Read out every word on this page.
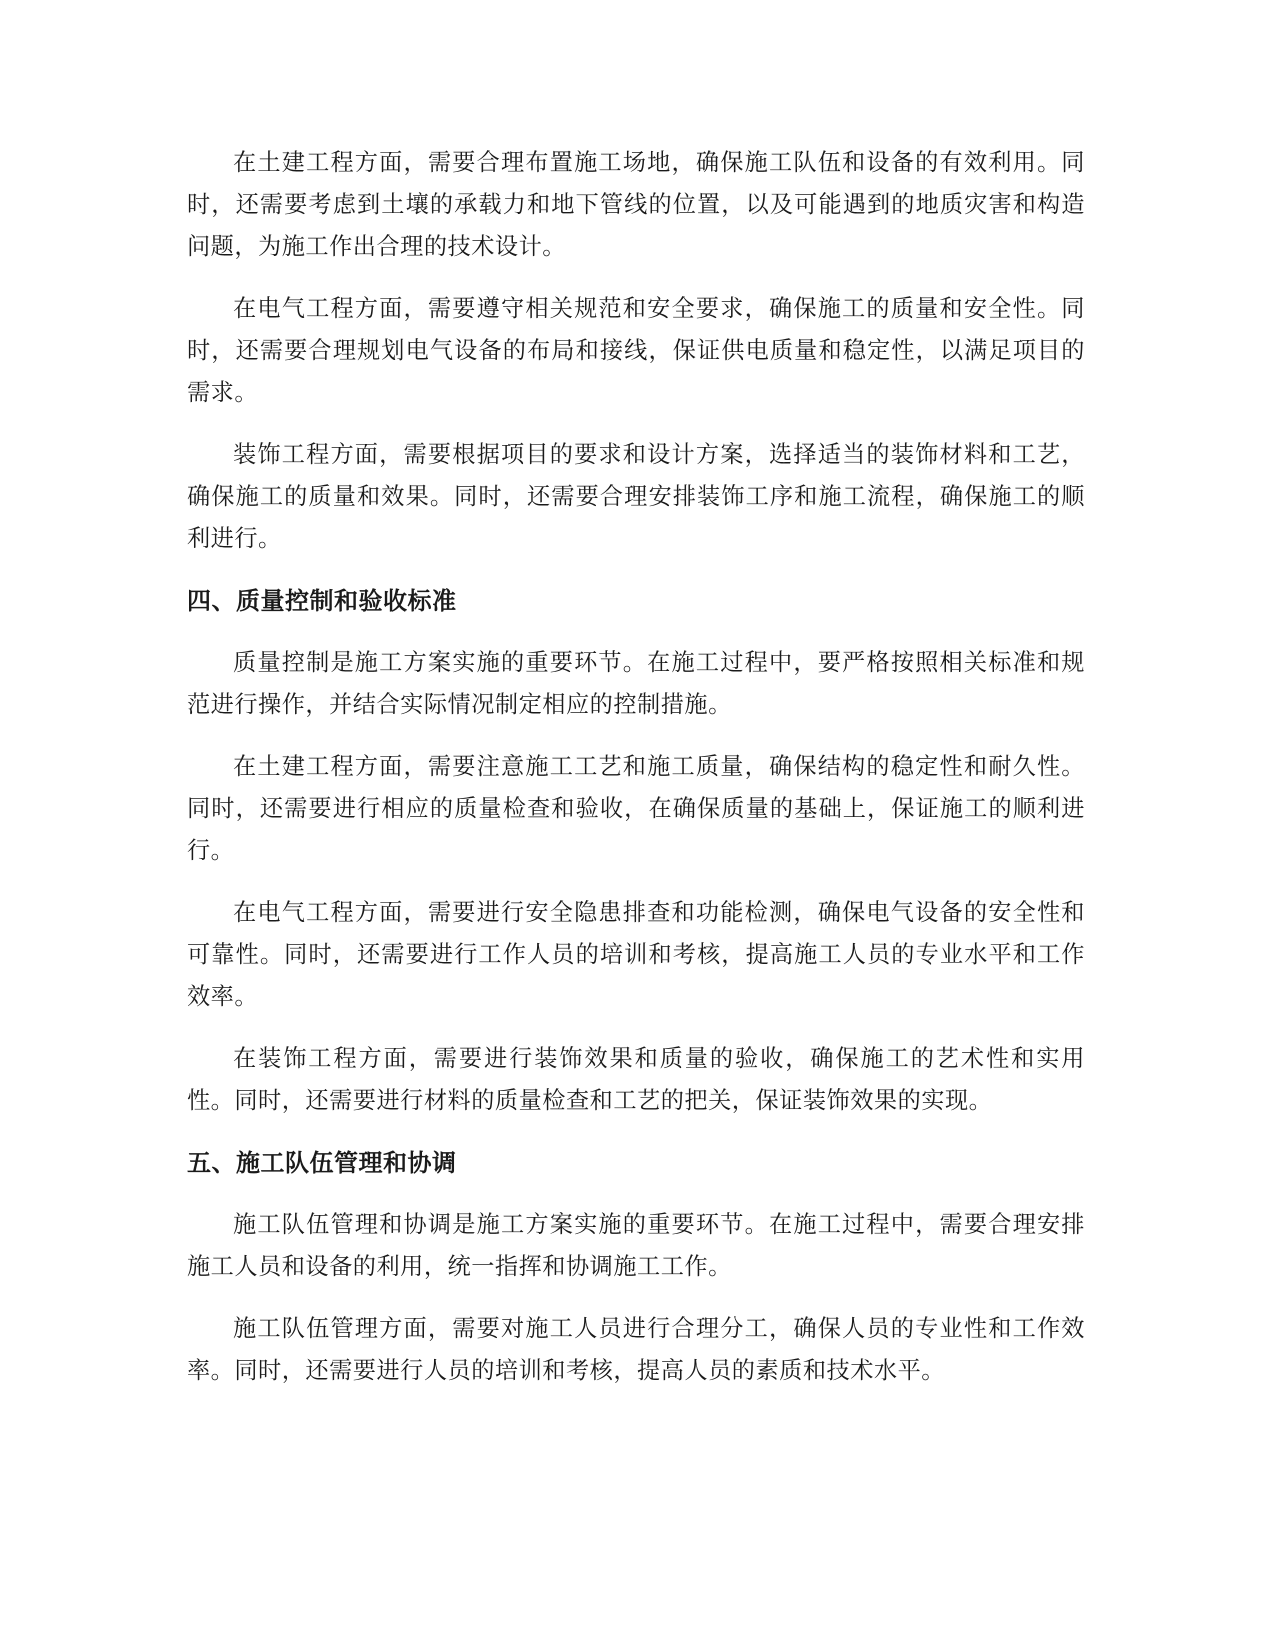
在土建工程方面，需要合理布置施工场地，确保施工队伍和设备的有效利用。同时，还需要考虑到土壤的承载力和地下管线的位置，以及可能遇到的地质灾害和构造问题，为施工作出合理的技术设计。

在电气工程方面，需要遵守相关规范和安全要求，确保施工的质量和安全性。同时，还需要合理规划电气设备的布局和接线，保证供电质量和稳定性，以满足项目的需求。

装饰工程方面，需要根据项目的要求和设计方案，选择适当的装饰材料和工艺，确保施工的质量和效果。同时，还需要合理安排装饰工序和施工流程，确保施工的顺利进行。

四、质量控制和验收标准

质量控制是施工方案实施的重要环节。在施工过程中，要严格按照相关标准和规范进行操作，并结合实际情况制定相应的控制措施。

在土建工程方面，需要注意施工工艺和施工质量，确保结构的稳定性和耐久性。同时，还需要进行相应的质量检查和验收，在确保质量的基础上，保证施工的顺利进行。

在电气工程方面，需要进行安全隐患排查和功能检测，确保电气设备的安全性和可靠性。同时，还需要进行工作人员的培训和考核，提高施工人员的专业水平和工作效率。

在装饰工程方面，需要进行装饰效果和质量的验收，确保施工的艺术性和实用性。同时，还需要进行材料的质量检查和工艺的把关，保证装饰效果的实现。

五、施工队伍管理和协调

施工队伍管理和协调是施工方案实施的重要环节。在施工过程中，需要合理安排施工人员和设备的利用，统一指挥和协调施工工作。

施工队伍管理方面，需要对施工人员进行合理分工，确保人员的专业性和工作效率。同时，还需要进行人员的培训和考核，提高人员的素质和技术水平。
